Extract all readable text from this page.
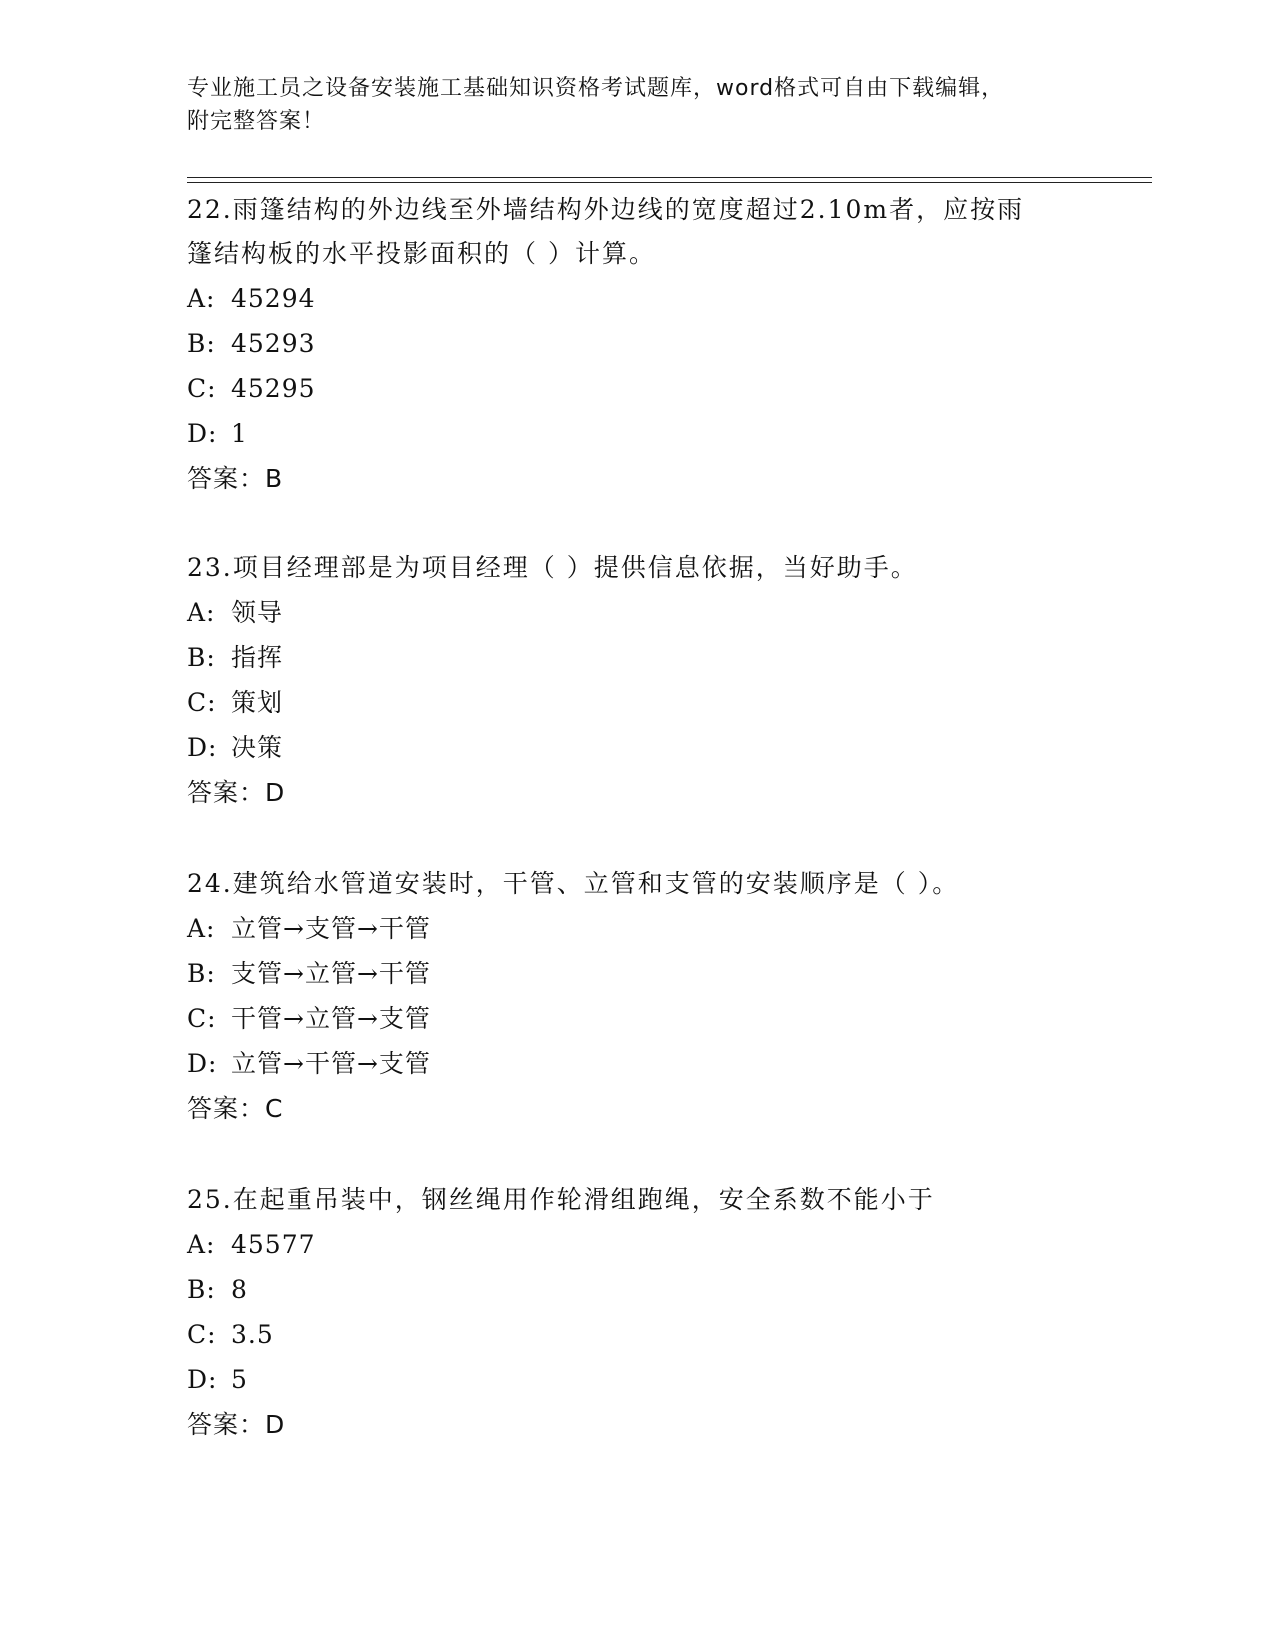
专业施工员之设备安装施工基础知识资格考试题库，word格式可自由下载编辑，
附完整答案！
22.雨篷结构的外边线至外墙结构外边线的宽度超过2.10m者，应按雨
篷结构板的水平投影面积的（ ）计算。
A: 45294
B: 45293
C: 45295
D: 1
答案：B
23.项目经理部是为项目经理（ ）提供信息依据，当好助手。
A: 领导
B: 指挥
C: 策划
D: 决策
答案：D
24.建筑给水管道安装时，干管、立管和支管的安装顺序是（ ）。
A: 立管→支管→干管
B: 支管→立管→干管
C: 干管→立管→支管
D: 立管→干管→支管
答案：C
25.在起重吊装中，钢丝绳用作轮滑组跑绳，安全系数不能小于
A: 45577
B: 8
C: 3.5
D: 5
答案：D
